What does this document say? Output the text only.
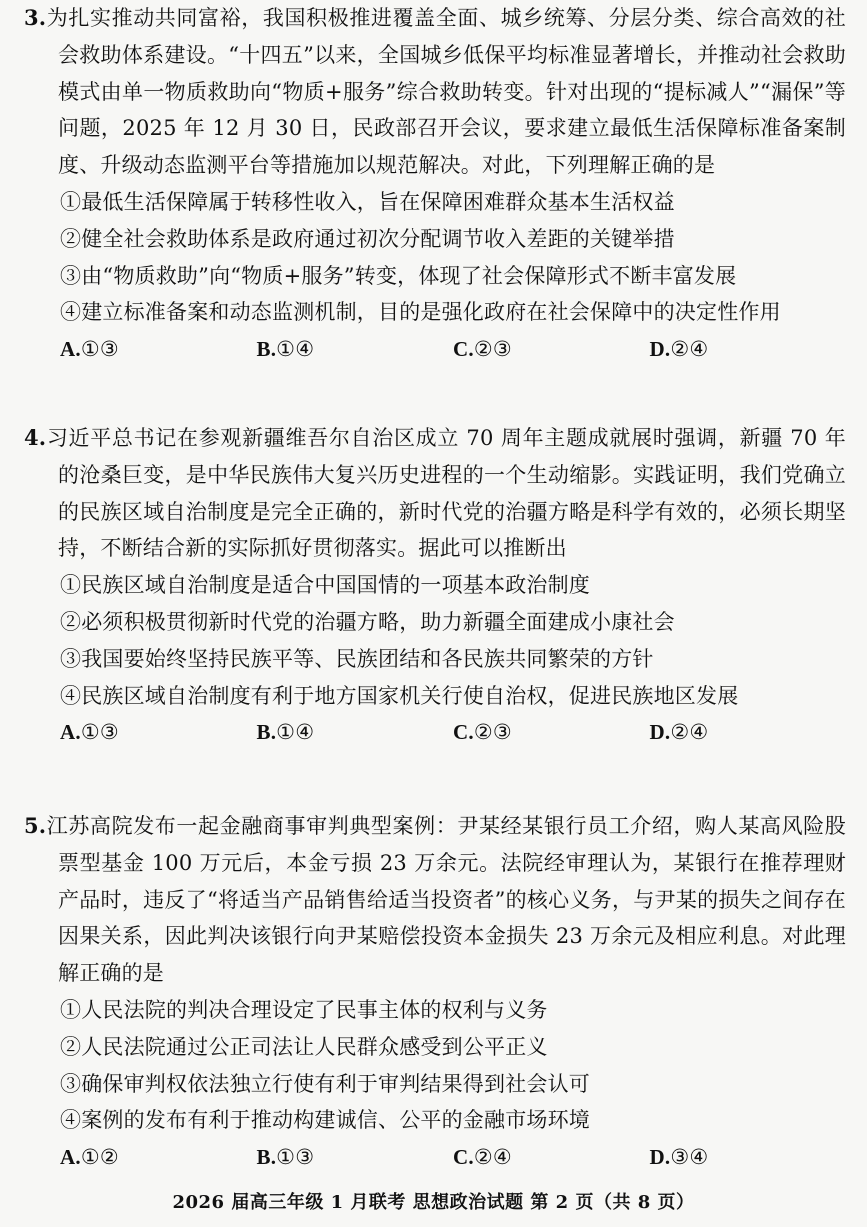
3.为扎实推动共同富裕，我国积极推进覆盖全面、城乡统筹、分层分类、综合高效的社会救助体系建设。“十四五”以来，全国城乡低保平均标准显著增长，并推动社会救助模式由单一物质救助向“物质+服务”综合救助转变。针对出现的“提标减人”“漏保”等问题，2025 年 12 月 30 日，民政部召开会议，要求建立最低生活保障标准备案制度、升级动态监测平台等措施加以规范解决。对此，下列理解正确的是

①最低生活保障属于转移性收入，旨在保障困难群众基本生活权益

②健全社会救助体系是政府通过初次分配调节收入差距的关键举措

③由“物质救助”向“物质+服务”转变，体现了社会保障形式不断丰富发展

④建立标准备案和动态监测机制，目的是强化政府在社会保障中的决定性作用

A.①③	B.①④	C.②③	D.②④

4.习近平总书记在参观新疆维吾尔自治区成立 70 周年主题成就展时强调，新疆 70 年的沧桑巨变，是中华民族伟大复兴历史进程的一个生动缩影。实践证明，我们党确立的民族区域自治制度是完全正确的，新时代党的治疆方略是科学有效的，必须长期坚持，不断结合新的实际抓好贯彻落实。据此可以推断出

①民族区域自治制度是适合中国国情的一项基本政治制度

②必须积极贯彻新时代党的治疆方略，助力新疆全面建成小康社会

③我国要始终坚持民族平等、民族团结和各民族共同繁荣的方针

④民族区域自治制度有利于地方国家机关行使自治权，促进民族地区发展

A.①③	B.①④	C.②③	D.②④

5.江苏高院发布一起金融商事审判典型案例：尹某经某银行员工介绍，购人某高风险股票型基金 100 万元后，本金亏损 23 万余元。法院经审理认为，某银行在推荐理财产品时，违反了“将适当产品销售给适当投资者”的核心义务，与尹某的损失之间存在因果关系，因此判决该银行向尹某赔偿投资本金损失 23 万余元及相应利息。对此理解正确的是

①人民法院的判决合理设定了民事主体的权利与义务

②人民法院通过公正司法让人民群众感受到公平正义

③确保审判权依法独立行使有利于审判结果得到社会认可

④案例的发布有利于推动构建诚信、公平的金融市场环境

A.①②	B.①③	C.②④	D.③④
2026 届高三年级 1 月联考 思想政治试题 第 2 页（共 8 页）
